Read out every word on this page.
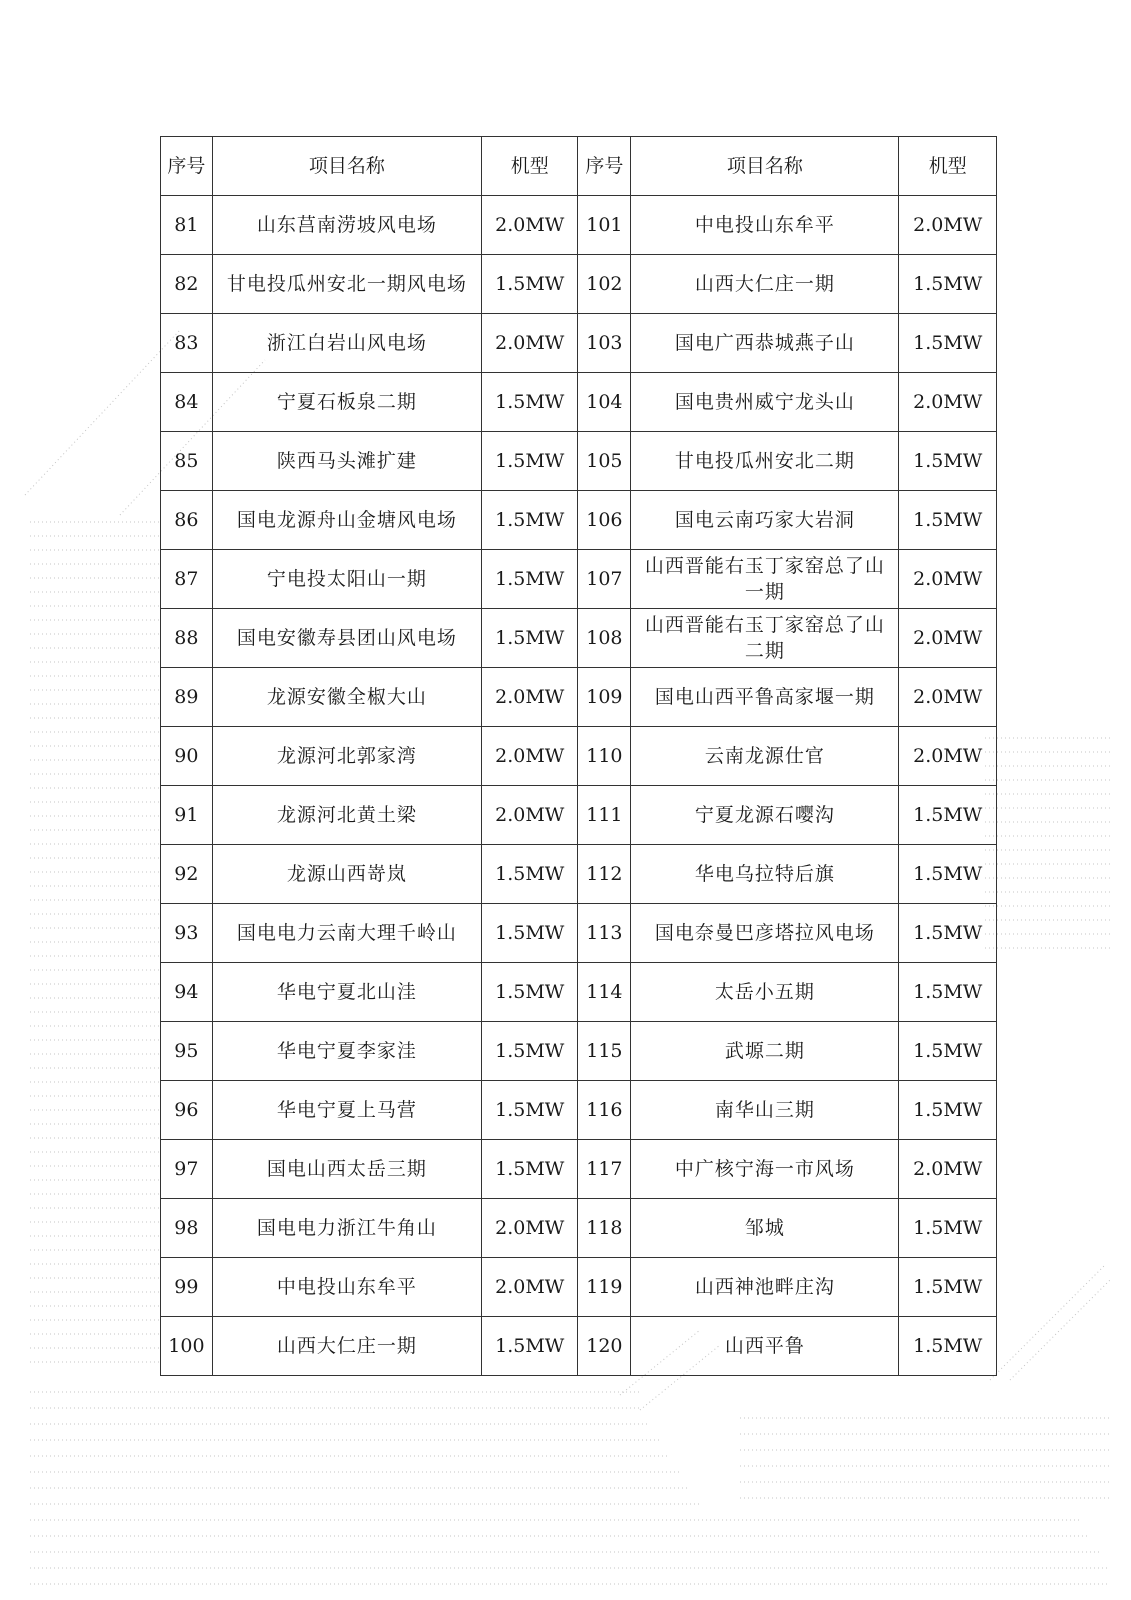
序号	项目名称	机型	序号	项目名称	机型
81	山东莒南涝坡风电场	2.0MW	101	中电投山东牟平	2.0MW
82	甘电投瓜州安北一期风电场	1.5MW	102	山西大仁庄一期	1.5MW
83	浙江白岩山风电场	2.0MW	103	国电广西恭城燕子山	1.5MW
84	宁夏石板泉二期	1.5MW	104	国电贵州威宁龙头山	2.0MW
85	陕西马头滩扩建	1.5MW	105	甘电投瓜州安北二期	1.5MW
86	国电龙源舟山金塘风电场	1.5MW	106	国电云南巧家大岩洞	1.5MW
87	宁电投太阳山一期	1.5MW	107	山西晋能右玉丁家窑总了山一期	2.0MW
88	国电安徽寿县团山风电场	1.5MW	108	山西晋能右玉丁家窑总了山二期	2.0MW
89	龙源安徽全椒大山	2.0MW	109	国电山西平鲁高家堰一期	2.0MW
90	龙源河北郭家湾	2.0MW	110	云南龙源仕官	2.0MW
91	龙源河北黄土梁	2.0MW	111	宁夏龙源石嘤沟	1.5MW
92	龙源山西嵜岚	1.5MW	112	华电乌拉特后旗	1.5MW
93	国电电力云南大理千岭山	1.5MW	113	国电奈曼巴彦塔拉风电场	1.5MW
94	华电宁夏北山洼	1.5MW	114	太岳小五期	1.5MW
95	华电宁夏李家洼	1.5MW	115	武塬二期	1.5MW
96	华电宁夏上马营	1.5MW	116	南华山三期	1.5MW
97	国电山西太岳三期	1.5MW	117	中广核宁海一市风场	2.0MW
98	国电电力浙江牛角山	2.0MW	118	邹城	1.5MW
99	中电投山东牟平	2.0MW	119	山西神池畔庄沟	1.5MW
100	山西大仁庄一期	1.5MW	120	山西平鲁	1.5MW
